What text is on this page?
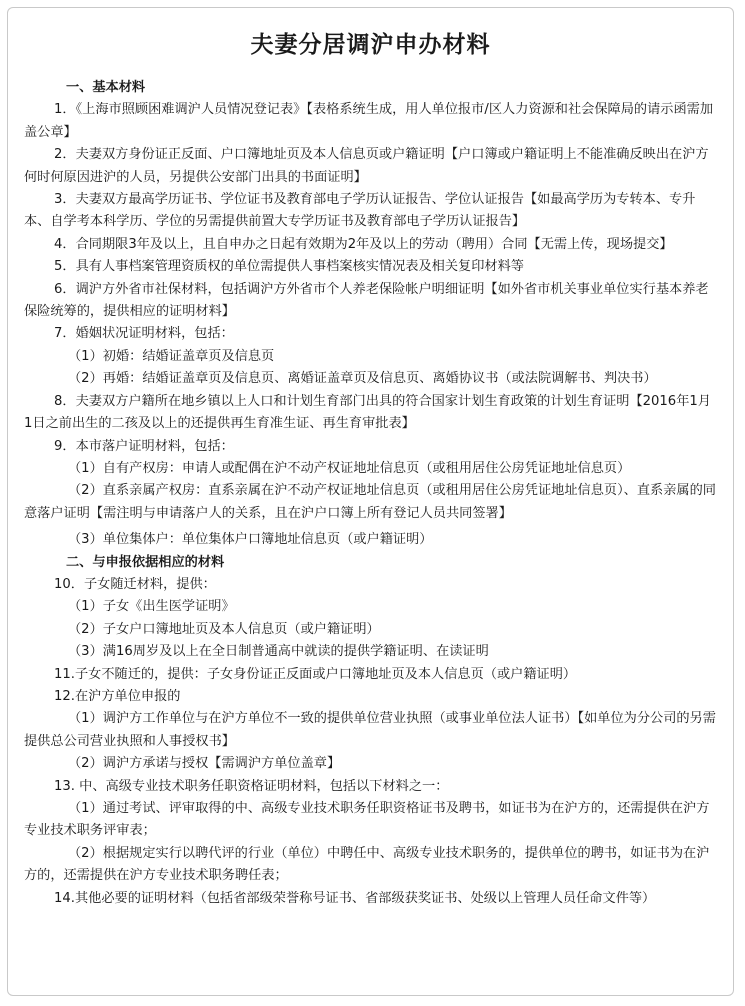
夫妻分居调沪申办材料
一、基本材料
1．《上海市照顾困难调沪人员情况登记表》【表格系统生成，用人单位报市/区人力资源和社会保障局的请示函需加盖公章】
2．夫妻双方身份证正反面、户口簿地址页及本人信息页或户籍证明【户口簿或户籍证明上不能准确反映出在沪方何时何原因进沪的人员，另提供公安部门出具的书面证明】
3．夫妻双方最高学历证书、学位证书及教育部电子学历认证报告、学位认证报告【如最高学历为专转本、专升本、自学考本科学历、学位的另需提供前置大专学历证书及教育部电子学历认证报告】
4．合同期限3年及以上，且自申办之日起有效期为2年及以上的劳动（聘用）合同【无需上传，现场提交】
5．具有人事档案管理资质权的单位需提供人事档案核实情况表及相关复印材料等
6．调沪方外省市社保材料，包括调沪方外省市个人养老保险帐户明细证明【如外省市机关事业单位实行基本养老保险统筹的，提供相应的证明材料】
7．婚姻状况证明材料，包括：
（1）初婚：结婚证盖章页及信息页
（2）再婚：结婚证盖章页及信息页、离婚证盖章页及信息页、离婚协议书（或法院调解书、判决书）
8．夫妻双方户籍所在地乡镇以上人口和计划生育部门出具的符合国家计划生育政策的计划生育证明【2016年1月1日之前出生的二孩及以上的还提供再生育准生证、再生育审批表】
9．本市落户证明材料，包括：
（1）自有产权房：申请人或配偶在沪不动产权证地址信息页（或租用居住公房凭证地址信息页）
（2）直系亲属产权房：直系亲属在沪不动产权证地址信息页（或租用居住公房凭证地址信息页）、直系亲属的同意落户证明【需注明与申请落户人的关系，且在沪户口簿上所有登记人员共同签署】
（3）单位集体户：单位集体户口簿地址信息页（或户籍证明）
二、与申报依据相应的材料
10．子女随迁材料，提供：
（1）子女《出生医学证明》
（2）子女户口簿地址页及本人信息页（或户籍证明）
（3）满16周岁及以上在全日制普通高中就读的提供学籍证明、在读证明
11.子女不随迁的，提供：子女身份证正反面或户口簿地址页及本人信息页（或户籍证明）
12.在沪方单位申报的
（1）调沪方工作单位与在沪方单位不一致的提供单位营业执照（或事业单位法人证书）【如单位为分公司的另需提供总公司营业执照和人事授权书】
（2）调沪方承诺与授权【需调沪方单位盖章】
13. 中、高级专业技术职务任职资格证明材料，包括以下材料之一：
（1）通过考试、评审取得的中、高级专业技术职务任职资格证书及聘书，如证书为在沪方的，还需提供在沪方专业技术职务评审表；
（2）根据规定实行以聘代评的行业（单位）中聘任中、高级专业技术职务的，提供单位的聘书，如证书为在沪方的，还需提供在沪方专业技术职务聘任表；
14.其他必要的证明材料（包括省部级荣誉称号证书、省部级获奖证书、处级以上管理人员任命文件等）
